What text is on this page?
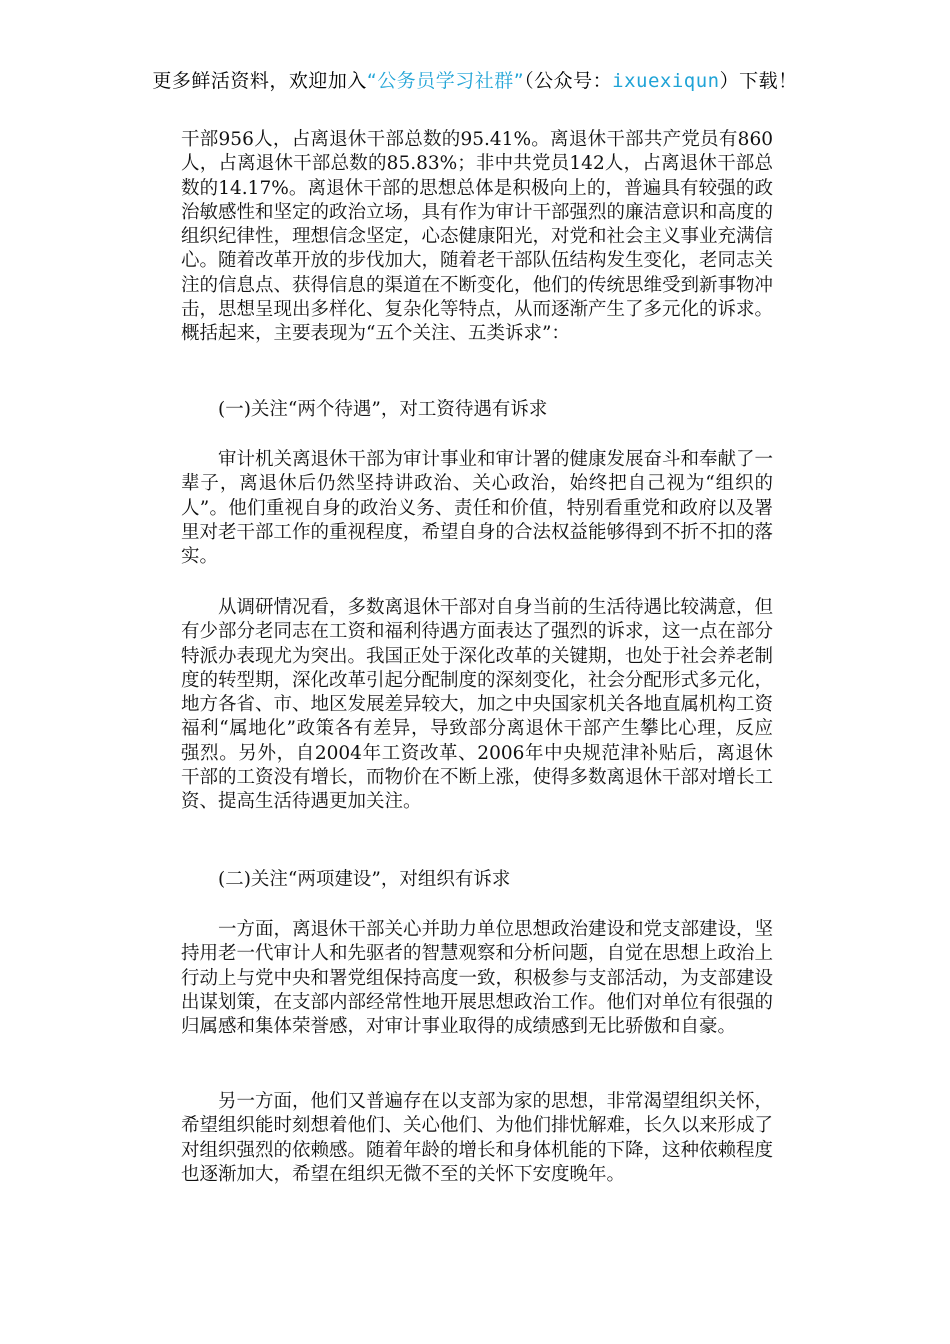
更多鲜活资料，欢迎加入“公务员学习社群”（公众号：ixuexiqun）下载！

干部956人，占离退休干部总数的95.41%。离退休干部共产党员有860人，占离退休干部总数的85.83%；非中共党员142人，占离退休干部总数的14.17%。离退休干部的思想总体是积极向上的，普遍具有较强的政治敏感性和坚定的政治立场，具有作为审计干部强烈的廉洁意识和高度的组织纪律性，理想信念坚定，心态健康阳光，对党和社会主义事业充满信心。随着改革开放的步伐加大，随着老干部队伍结构发生变化，老同志关注的信息点、获得信息的渠道在不断变化，他们的传统思维受到新事物冲击，思想呈现出多样化、复杂化等特点，从而逐渐产生了多元化的诉求。概括起来，主要表现为“五个关注、五类诉求”：

(一)关注“两个待遇”，对工资待遇有诉求

审计机关离退休干部为审计事业和审计署的健康发展奋斗和奉献了一辈子，离退休后仍然坚持讲政治、关心政治，始终把自己视为“组织的人”。他们重视自身的政治义务、责任和价值，特别看重党和政府以及署里对老干部工作的重视程度，希望自身的合法权益能够得到不折不扣的落实。

从调研情况看，多数离退休干部对自身当前的生活待遇比较满意，但有少部分老同志在工资和福利待遇方面表达了强烈的诉求，这一点在部分特派办表现尤为突出。我国正处于深化改革的关键期，也处于社会养老制度的转型期，深化改革引起分配制度的深刻变化，社会分配形式多元化，地方各省、市、地区发展差异较大，加之中央国家机关各地直属机构工资福利“属地化”政策各有差异，导致部分离退休干部产生攀比心理，反应强烈。另外，自2004年工资改革、2006年中央规范津补贴后，离退休干部的工资没有增长，而物价在不断上涨，使得多数离退休干部对增长工资、提高生活待遇更加关注。

(二)关注“两项建设”，对组织有诉求

一方面，离退休干部关心并助力单位思想政治建设和党支部建设，坚持用老一代审计人和先驱者的智慧观察和分析问题，自觉在思想上政治上行动上与党中央和署党组保持高度一致，积极参与支部活动，为支部建设出谋划策，在支部内部经常性地开展思想政治工作。他们对单位有很强的归属感和集体荣誉感，对审计事业取得的成绩感到无比骄傲和自豪。

另一方面，他们又普遍存在以支部为家的思想，非常渴望组织关怀，希望组织能时刻想着他们、关心他们、为他们排忧解难，长久以来形成了对组织强烈的依赖感。随着年龄的增长和身体机能的下降，这种依赖程度也逐渐加大，希望在组织无微不至的关怀下安度晚年。
